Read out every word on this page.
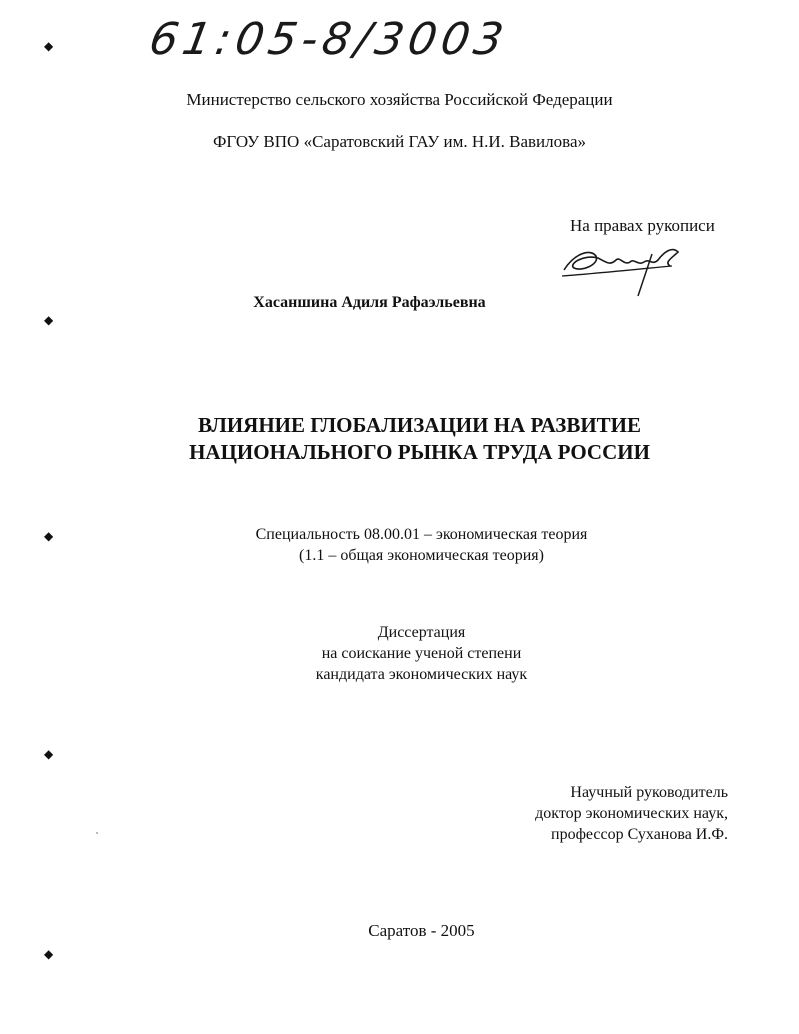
61:05-8/3003
Министерство сельского хозяйства Российской Федерации
ФГОУ ВПО «Саратовский ГАУ им. Н.И. Вавилова»
На правах рукописи
Хасаншина Адиля Рафаэльевна
ВЛИЯНИЕ ГЛОБАЛИЗАЦИИ НА РАЗВИТИЕ
НАЦИОНАЛЬНОГО РЫНКА ТРУДА РОССИИ
Специальность 08.00.01 – экономическая теория
(1.1 – общая экономическая теория)
Диссертация
на соискание ученой степени
кандидата экономических наук
Научный руководитель
доктор экономических наук,
профессор Суханова И.Ф.
Саратов - 2005
◆
◆
◆
◆
◆
